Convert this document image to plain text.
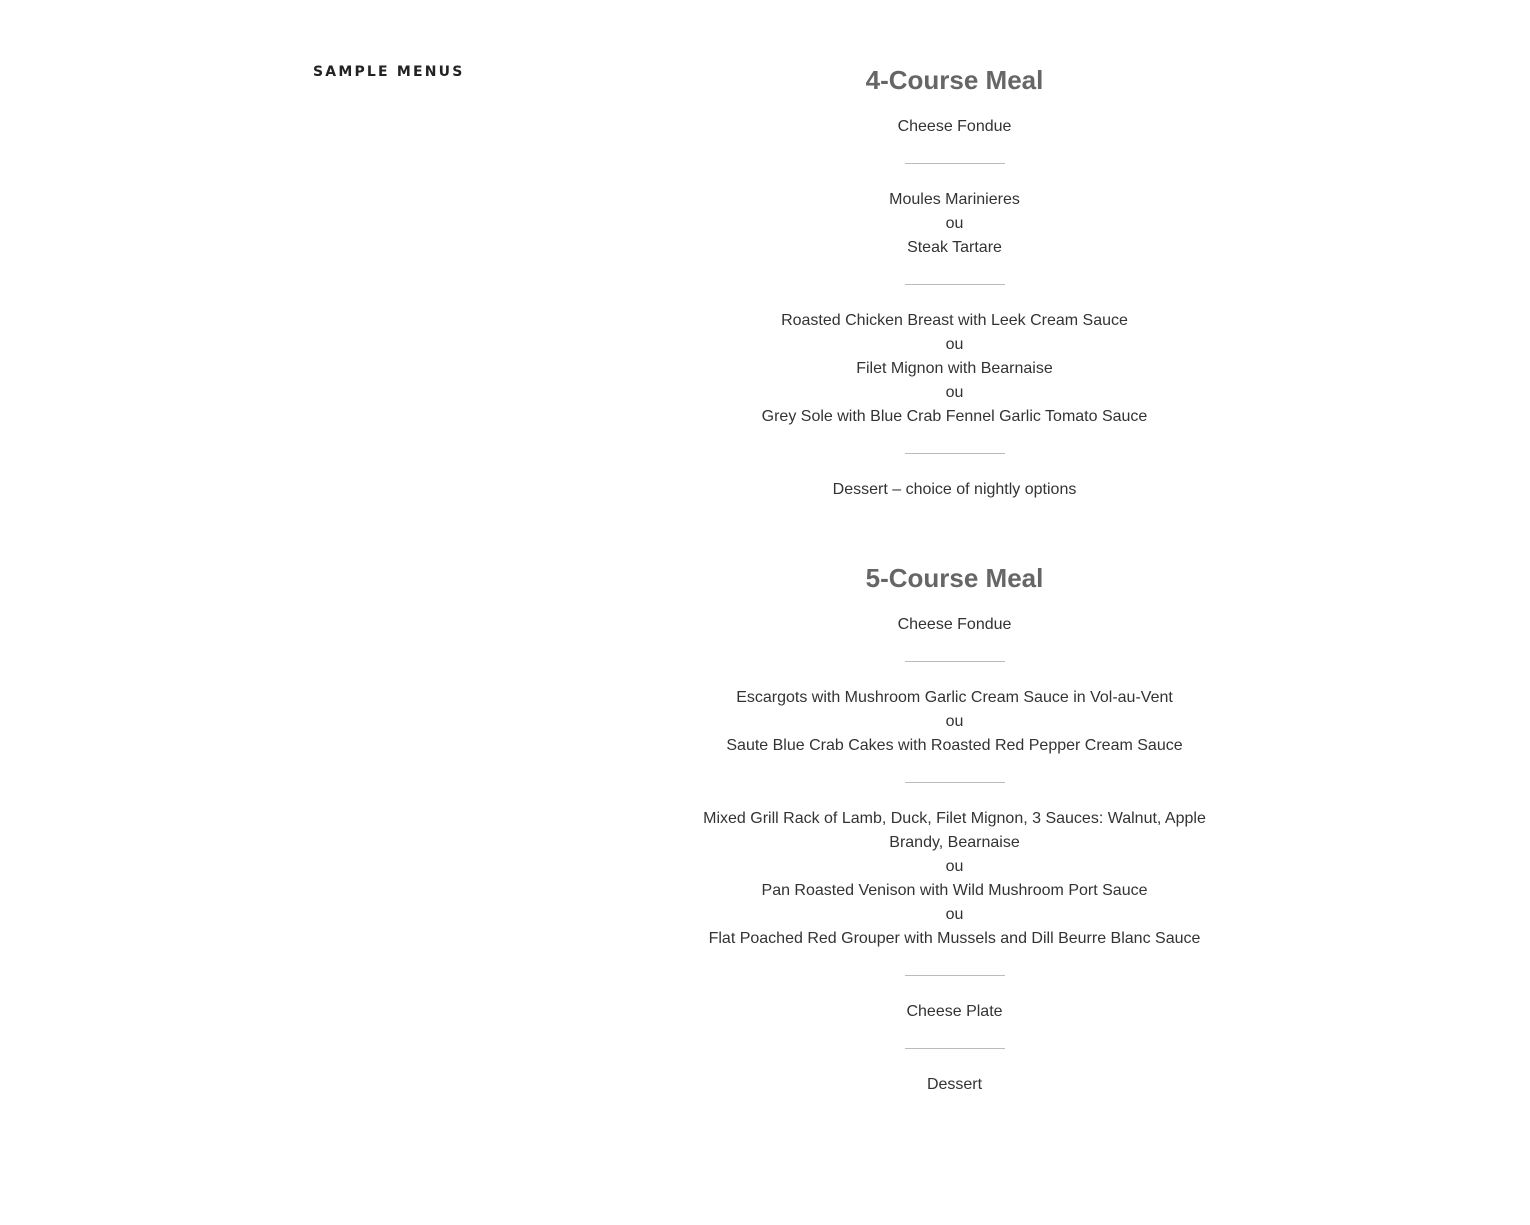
SAMPLE MENUS	4-Course Meal

Cheese Fondue

Moules Marinieres
ou
Steak Tartare

Roasted Chicken Breast with Leek Cream Sauce
ou
Filet Mignon with Bearnaise
ou
Grey Sole with Blue Crab Fennel Garlic Tomato Sauce

Dessert – choice of nightly options

5-Course Meal

Cheese Fondue

Escargots with Mushroom Garlic Cream Sauce in Vol-au-Vent
ou
Saute Blue Crab Cakes with Roasted Red Pepper Cream Sauce

Mixed Grill Rack of Lamb, Duck, Filet Mignon, 3 Sauces: Walnut, Apple Brandy, Bearnaise
ou
Pan Roasted Venison with Wild Mushroom Port Sauce
ou
Flat Poached Red Grouper with Mussels and Dill Beurre Blanc Sauce

Cheese Plate

Dessert
